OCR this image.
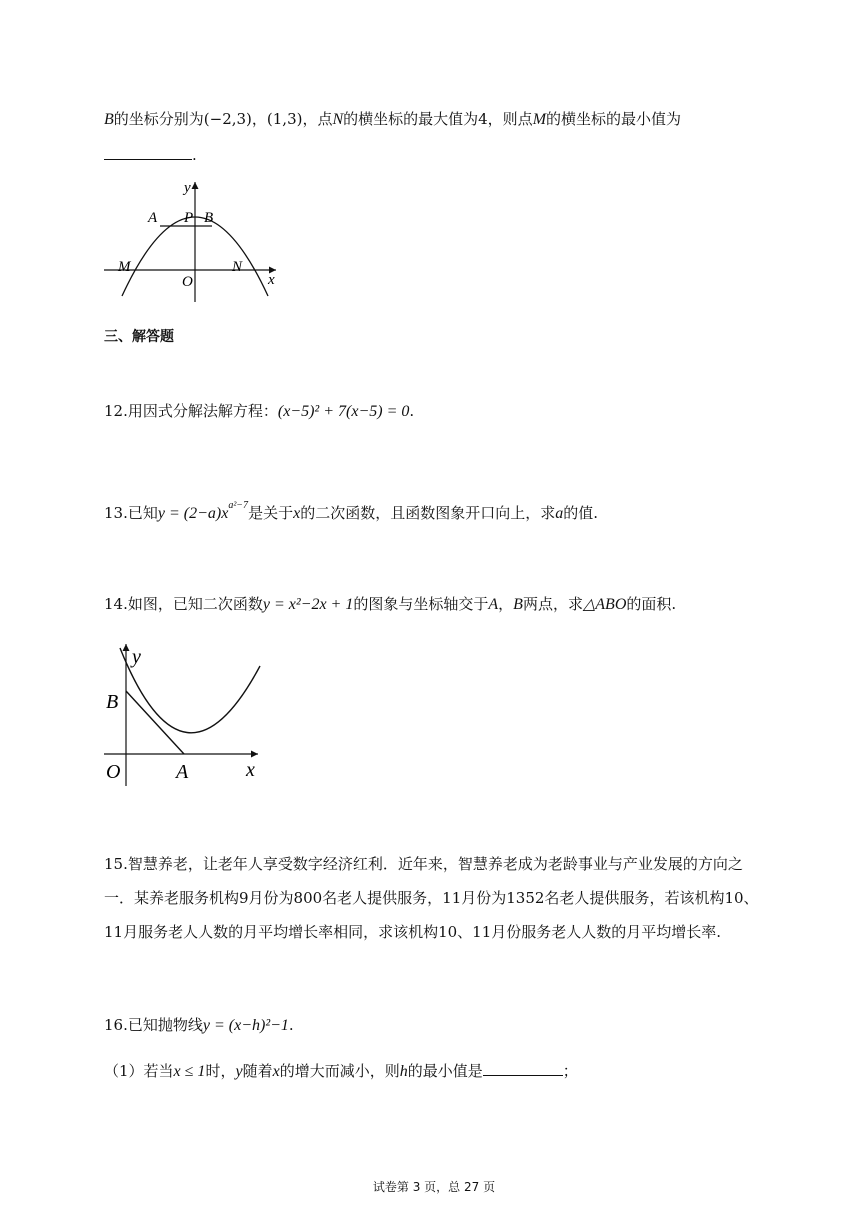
B的坐标分别为(−2,3)，(1,3)，点N的横坐标的最大值为4，则点M的横坐标的最小值为
.
y
A P B
M	N
O	x
三、解答题
12.用因式分解法解方程：(x−5)² + 7(x−5) = 0.
13.已知$y = (2-a)x^{a^2-7}$是关于x的二次函数，且函数图象开口向上，求a的值.
14.如图，已知二次函数y = x²−2x + 1的图象与坐标轴交于A，B两点，求△ABO的面积.
y
B
O	A	x
15.智慧养老，让老年人享受数字经济红利．近年来，智慧养老成为老龄事业与产业发展的方向之
一．某养老服务机构9月份为800名老人提供服务，11月份为1352名老人提供服务，若该机构10、
11月服务老人人数的月平均增长率相同，求该机构10、11月份服务老人人数的月平均增长率.
16.已知抛物线y = (x−h)²−1.
（1）若当x ≤ 1时，y随着x的增大而减小，则h的最小值是	；
试卷第 3 页，总 27 页
